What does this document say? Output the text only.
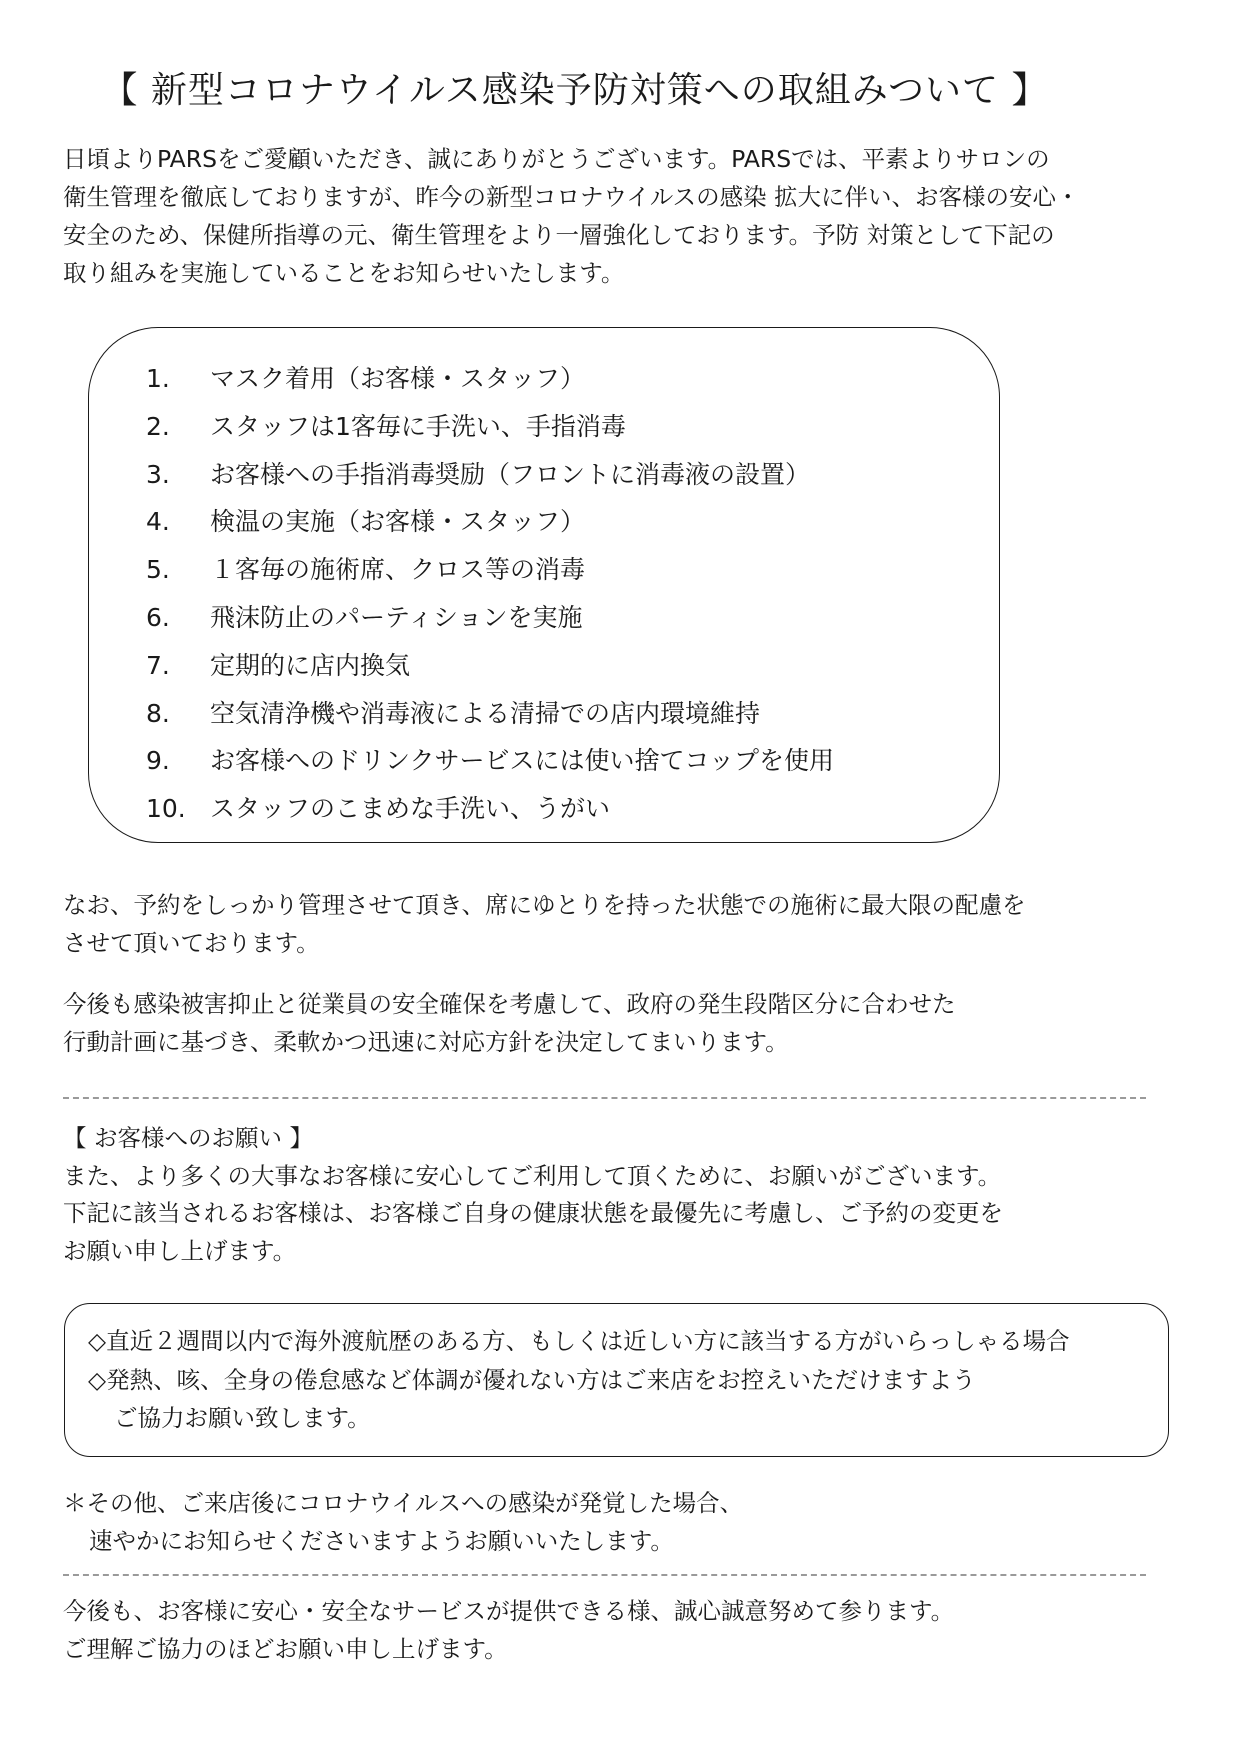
【 新型コロナウイルス感染予防対策への取組みついて 】
日頃よりPARSをご愛顧いただき、誠にありがとうございます。PARSでは、平素よりサロンの
衛生管理を徹底しておりますが、昨今の新型コロナウイルスの感染 拡大に伴い、お客様の安心・
安全のため、保健所指導の元、衛生管理をより一層強化しております。予防 対策として下記の
取り組みを実施していることをお知らせいたします。
1. マスク着用（お客様・スタッフ）
2. スタッフは1客毎に手洗い、手指消毒
3. お客様への手指消毒奨励（フロントに消毒液の設置）
4. 検温の実施（お客様・スタッフ）
5. １客毎の施術席、クロス等の消毒
6. 飛沫防止のパーティションを実施
7. 定期的に店内換気
8. 空気清浄機や消毒液による清掃での店内環境維持
9. お客様へのドリンクサービスには使い捨てコップを使用
10. スタッフのこまめな手洗い、うがい
なお、予約をしっかり管理させて頂き、席にゆとりを持った状態での施術に最大限の配慮を
させて頂いております。
今後も感染被害抑止と従業員の安全確保を考慮して、政府の発生段階区分に合わせた
行動計画に基づき、柔軟かつ迅速に対応方針を決定してまいります。
【 お客様へのお願い 】
また、より多くの大事なお客様に安心してご利用して頂くために、お願いがございます。
下記に該当されるお客様は、お客様ご自身の健康状態を最優先に考慮し、ご予約の変更を
お願い申し上げます。
◇直近２週間以内で海外渡航歴のある方、もしくは近しい方に該当する方がいらっしゃる場合
◇発熱、咳、全身の倦怠感など体調が優れない方はご来店をお控えいただけますよう
ご協力お願い致します。
＊その他、ご来店後にコロナウイルスへの感染が発覚した場合、
速やかにお知らせくださいますようお願いいたします。
今後も、お客様に安心・安全なサービスが提供できる様、誠心誠意努めて参ります。
ご理解ご協力のほどお願い申し上げます。
